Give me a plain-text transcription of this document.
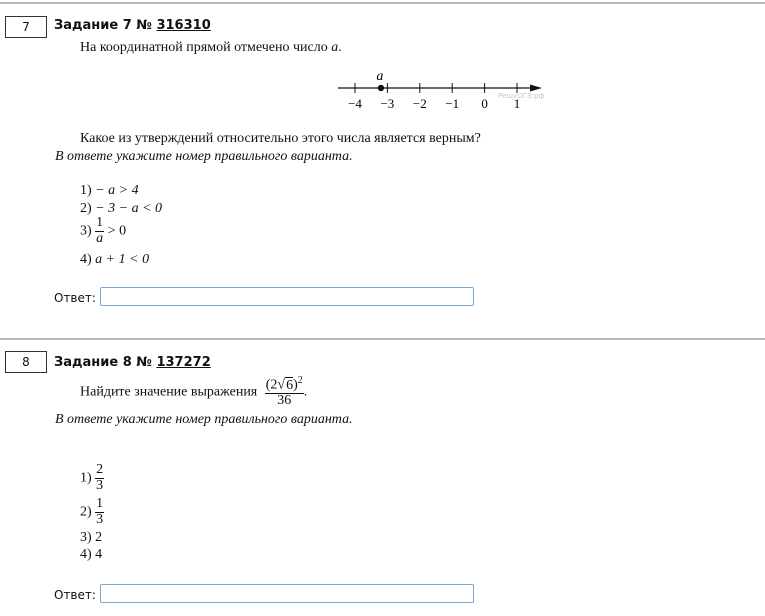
7	Задание 7 № 316310
На координатной прямой отмечено число a.
−4 −3 −2 −1 0 1
a
РешуОГЭ.рф
Какое из утверждений относительно этого числа является верным?
В ответе укажите номер правильного варианта.
1) − a > 4
2) − 3 − a < 0
$3) \frac{1}{a} > 0$
4) a + 1 < 0
Ответ:
8	Задание 8 № 137272
Найдите значение выражения $\frac{(2√6)^2}{36}$ .
В ответе укажите номер правильного варианта.
$1) \frac{2}{3}$
$2) \frac{1}{3}$
3) 2
4) 4
Ответ:
